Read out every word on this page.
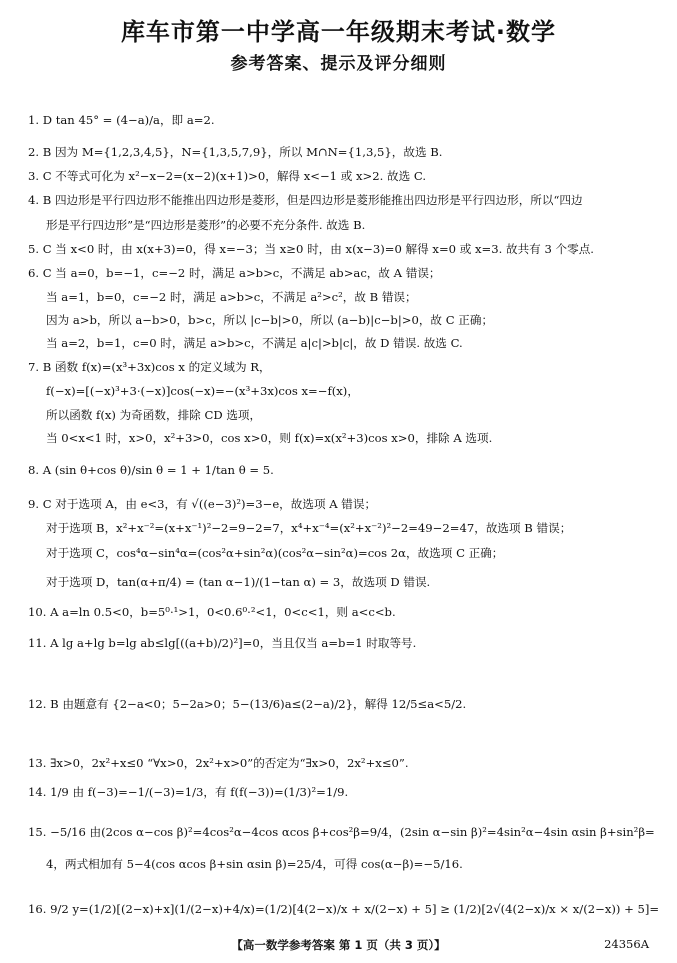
库车市第一中学高一年级期末考试·数学
参考答案、提示及评分细则
1. D tan 45° = (4−a)/a，即 a=2.
2. B 因为 M={1,2,3,4,5}，N={1,3,5,7,9}，所以 M∩N={1,3,5}，故选 B.
3. C 不等式可化为 x²−x−2=(x−2)(x+1)>0，解得 x<−1 或 x>2. 故选 C.
4. B 四边形是平行四边形不能推出四边形是菱形，但是四边形是菱形能推出四边形是平行四边形，所以“四边
形是平行四边形”是“四边形是菱形”的必要不充分条件. 故选 B.
5. C 当 x<0 时，由 x(x+3)=0，得 x=−3；当 x≥0 时，由 x(x−3)=0 解得 x=0 或 x=3. 故共有 3 个零点.
6. C 当 a=0，b=−1，c=−2 时，满足 a>b>c，不满足 ab>ac，故 A 错误；
当 a=1，b=0，c=−2 时，满足 a>b>c，不满足 a²>c²，故 B 错误；
因为 a>b，所以 a−b>0，b>c，所以 |c−b|>0，所以 (a−b)|c−b|>0，故 C 正确；
当 a=2，b=1，c=0 时，满足 a>b>c，不满足 a|c|>b|c|，故 D 错误. 故选 C.
7. B 函数 f(x)=(x³+3x)cos x 的定义域为 R，
f(−x)=[(−x)³+3·(−x)]cos(−x)=−(x³+3x)cos x=−f(x)，
所以函数 f(x) 为奇函数，排除 CD 选项，
当 0<x<1 时，x>0，x²+3>0，cos x>0，则 f(x)=x(x²+3)cos x>0，排除 A 选项.
8. A (sin θ+cos θ)/sin θ = 1 + 1/tan θ = 5.
9. C 对于选项 A，由 e<3，有 √((e−3)²)=3−e，故选项 A 错误；
对于选项 B，x²+x⁻²=(x+x⁻¹)²−2=9−2=7，x⁴+x⁻⁴=(x²+x⁻²)²−2=49−2=47，故选项 B 错误；
对于选项 C，cos⁴α−sin⁴α=(cos²α+sin²α)(cos²α−sin²α)=cos 2α，故选项 C 正确；
对于选项 D，tan(α+π/4) = (tan α−1)/(1−tan α) = 3，故选项 D 错误.
10. A a=ln 0.5<0，b=5⁰·¹>1，0<0.6⁰·²<1，0<c<1，则 a<c<b.
11. A lg a+lg b=lg ab≤lg[((a+b)/2)²]=0，当且仅当 a=b=1 时取等号.
12. B 由题意有 {2−a<0；5−2a>0；5−(13/6)a≤(2−a)/2}，解得 12/5≤a<5/2.
13. ∃x>0，2x²+x≤0 “∀x>0，2x²+x>0”的否定为“∃x>0，2x²+x≤0”.
14. 1/9 由 f(−3)=−1/(−3)=1/3，有 f(f(−3))=(1/3)²=1/9.
15. −5/16 由(2cos α−cos β)²=4cos²α−4cos αcos β+cos²β=9/4，(2sin α−sin β)²=4sin²α−4sin αsin β+sin²β=
4，两式相加有 5−4(cos αcos β+sin αsin β)=25/4，可得 cos(α−β)=−5/16.
16. 9/2 y=(1/2)[(2−x)+x](1/(2−x)+4/x)=(1/2)[4(2−x)/x + x/(2−x) + 5] ≥ (1/2)[2√(4(2−x)/x × x/(2−x)) + 5]=
【高一数学参考答案 第 1 页（共 3 页）】	24356A
